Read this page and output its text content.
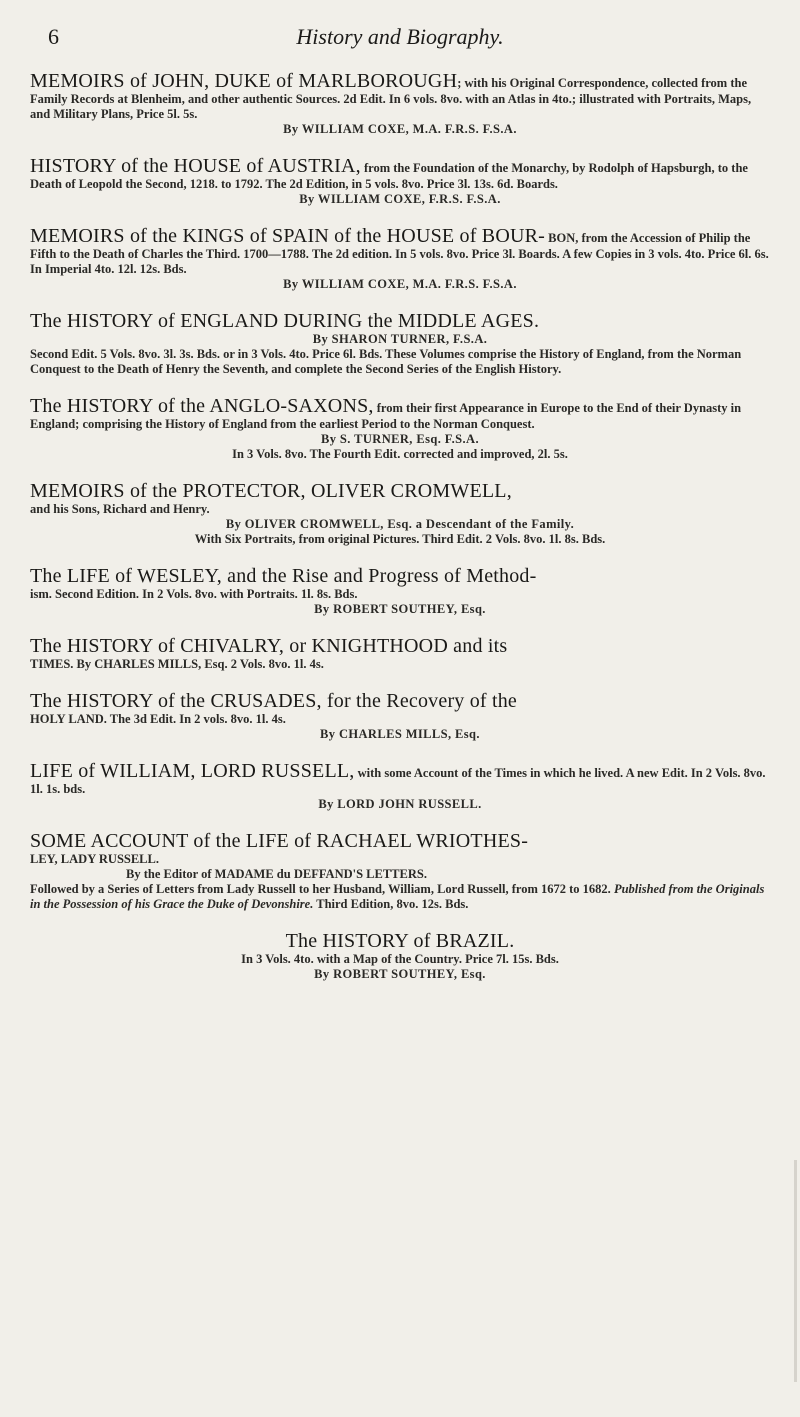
6	History and Biography.
MEMOIRS of JOHN, DUKE of MARLBOROUGH; with his Original Correspondence, collected from the Family Records at Blenheim, and other authentic Sources. 2d Edit. In 6 vols. 8vo. with an Atlas in 4to.; illustrated with Portraits, Maps, and Military Plans, Price 5l. 5s.
By WILLIAM COXE, M.A. F.R.S. F.S.A.
HISTORY of the HOUSE of AUSTRIA, from the Foundation of the Monarchy, by Rodolph of Hapsburgh, to the Death of Leopold the Second, 1218. to 1792. The 2d Edition, in 5 vols. 8vo. Price 3l. 13s. 6d. Boards.
By WILLIAM COXE, F.R.S. F.S.A.
MEMOIRS of the KINGS of SPAIN of the HOUSE of BOUR- BON, from the Accession of Philip the Fifth to the Death of Charles the Third. 1700—1788. The 2d edition. In 5 vols. 8vo. Price 3l. Boards. A few Copies in 3 vols. 4to. Price 6l. 6s. In Imperial 4to. 12l. 12s. Bds.
By WILLIAM COXE, M.A. F.R.S. F.S.A.
The HISTORY of ENGLAND DURING the MIDDLE AGES.
By SHARON TURNER, F.S.A.
Second Edit. 5 Vols. 8vo. 3l. 3s. Bds. or in 3 Vols. 4to. Price 6l. Bds. These Volumes comprise the History of England, from the Norman Conquest to the Death of Henry the Seventh, and complete the Second Series of the English History.
The HISTORY of the ANGLO-SAXONS, from their first Appearance in Europe to the End of their Dynasty in England; comprising the History of England from the earliest Period to the Norman Conquest.
By S. TURNER, Esq. F.S.A.
In 3 Vols. 8vo. The Fourth Edit. corrected and improved, 2l. 5s.
MEMOIRS of the PROTECTOR, OLIVER CROMWELL,
and his Sons, Richard and Henry.
By OLIVER CROMWELL, Esq. a Descendant of the Family.
With Six Portraits, from original Pictures. Third Edit. 2 Vols. 8vo. 1l. 8s. Bds.
The LIFE of WESLEY, and the Rise and Progress of Method-
ism. Second Edition. In 2 Vols. 8vo. with Portraits. 1l. 8s. Bds.
By ROBERT SOUTHEY, Esq.
The HISTORY of CHIVALRY, or KNIGHTHOOD and its
TIMES. By CHARLES MILLS, Esq. 2 Vols. 8vo. 1l. 4s.
The HISTORY of the CRUSADES, for the Recovery of the
HOLY LAND. The 3d Edit. In 2 vols. 8vo. 1l. 4s.
By CHARLES MILLS, Esq.
LIFE of WILLIAM, LORD RUSSELL, with some Account of the Times in which he lived. A new Edit. In 2 Vols. 8vo. 1l. 1s. bds.
By LORD JOHN RUSSELL.
SOME ACCOUNT of the LIFE of RACHAEL WRIOTHES-
LEY, LADY RUSSELL.
By the Editor of MADAME du DEFFAND'S LETTERS.
Followed by a Series of Letters from Lady Russell to her Husband, William, Lord Russell, from 1672 to 1682. Published from the Originals in the Possession of his Grace the Duke of Devonshire. Third Edition, 8vo. 12s. Bds.
The HISTORY of BRAZIL.
In 3 Vols. 4to. with a Map of the Country. Price 7l. 15s. Bds.
By ROBERT SOUTHEY, Esq.
